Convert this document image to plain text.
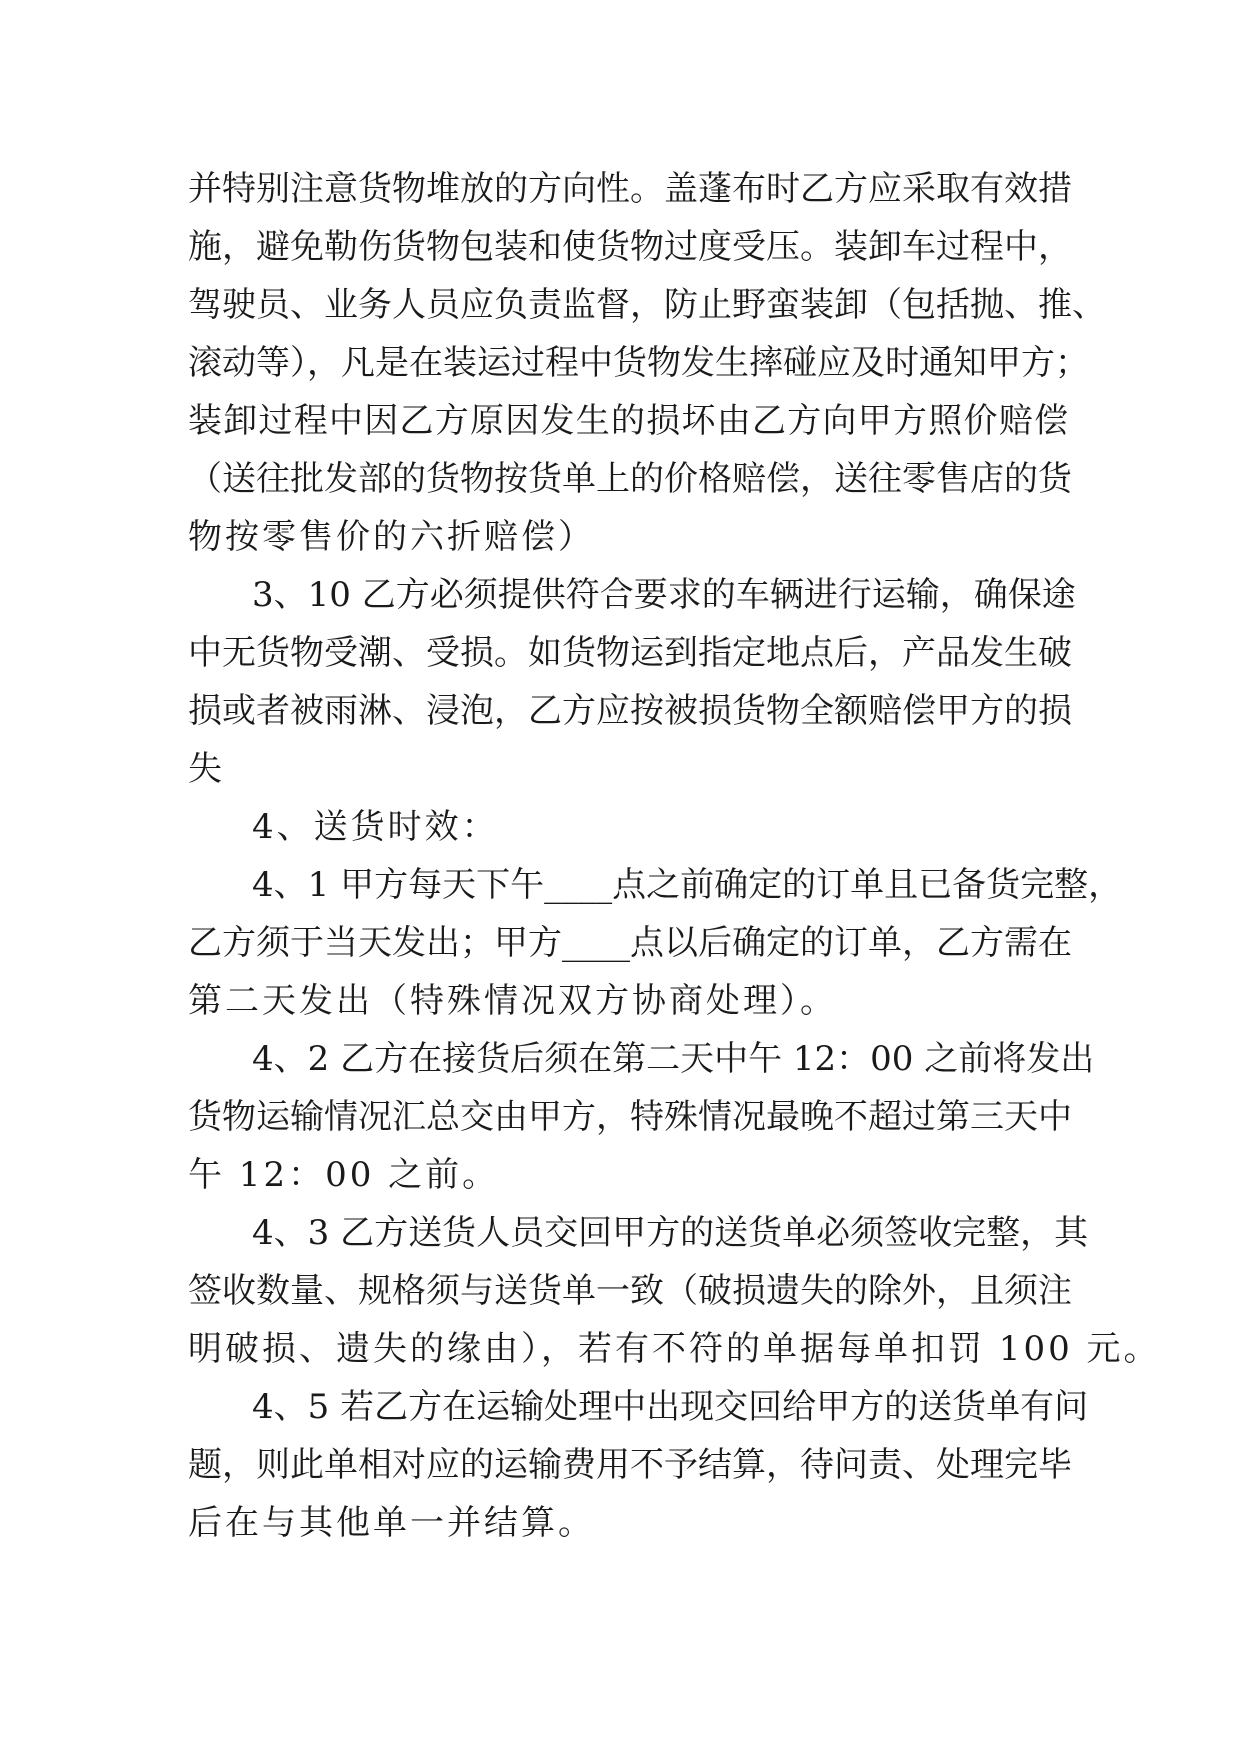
并特别注意货物堆放的方向性。盖蓬布时乙方应采取有效措
施，避免勒伤货物包装和使货物过度受压。装卸车过程中，
驾驶员、业务人员应负责监督，防止野蛮装卸（包括抛、推、
滚动等），凡是在装运过程中货物发生摔碰应及时通知甲方；
装卸过程中因乙方原因发生的损坏由乙方向甲方照价赔偿
（送往批发部的货物按货单上的价格赔偿，送往零售店的货
物按零售价的六折赔偿）
3、10 乙方必须提供符合要求的车辆进行运输，确保途
中无货物受潮、受损。如货物运到指定地点后，产品发生破
损或者被雨淋、浸泡，乙方应按被损货物全额赔偿甲方的损
失
4、送货时效：
4、1 甲方每天下午____点之前确定的订单且已备货完整，
乙方须于当天发出；甲方____点以后确定的订单，乙方需在
第二天发出（特殊情况双方协商处理）。
4、2 乙方在接货后须在第二天中午 12：00 之前将发出
货物运输情况汇总交由甲方，特殊情况最晚不超过第三天中
午 12：00 之前。
4、3 乙方送货人员交回甲方的送货单必须签收完整，其
签收数量、规格须与送货单一致（破损遗失的除外，且须注
明破损、遗失的缘由），若有不符的单据每单扣罚 100 元。
4、5 若乙方在运输处理中出现交回给甲方的送货单有问
题，则此单相对应的运输费用不予结算，待问责、处理完毕
后在与其他单一并结算。
